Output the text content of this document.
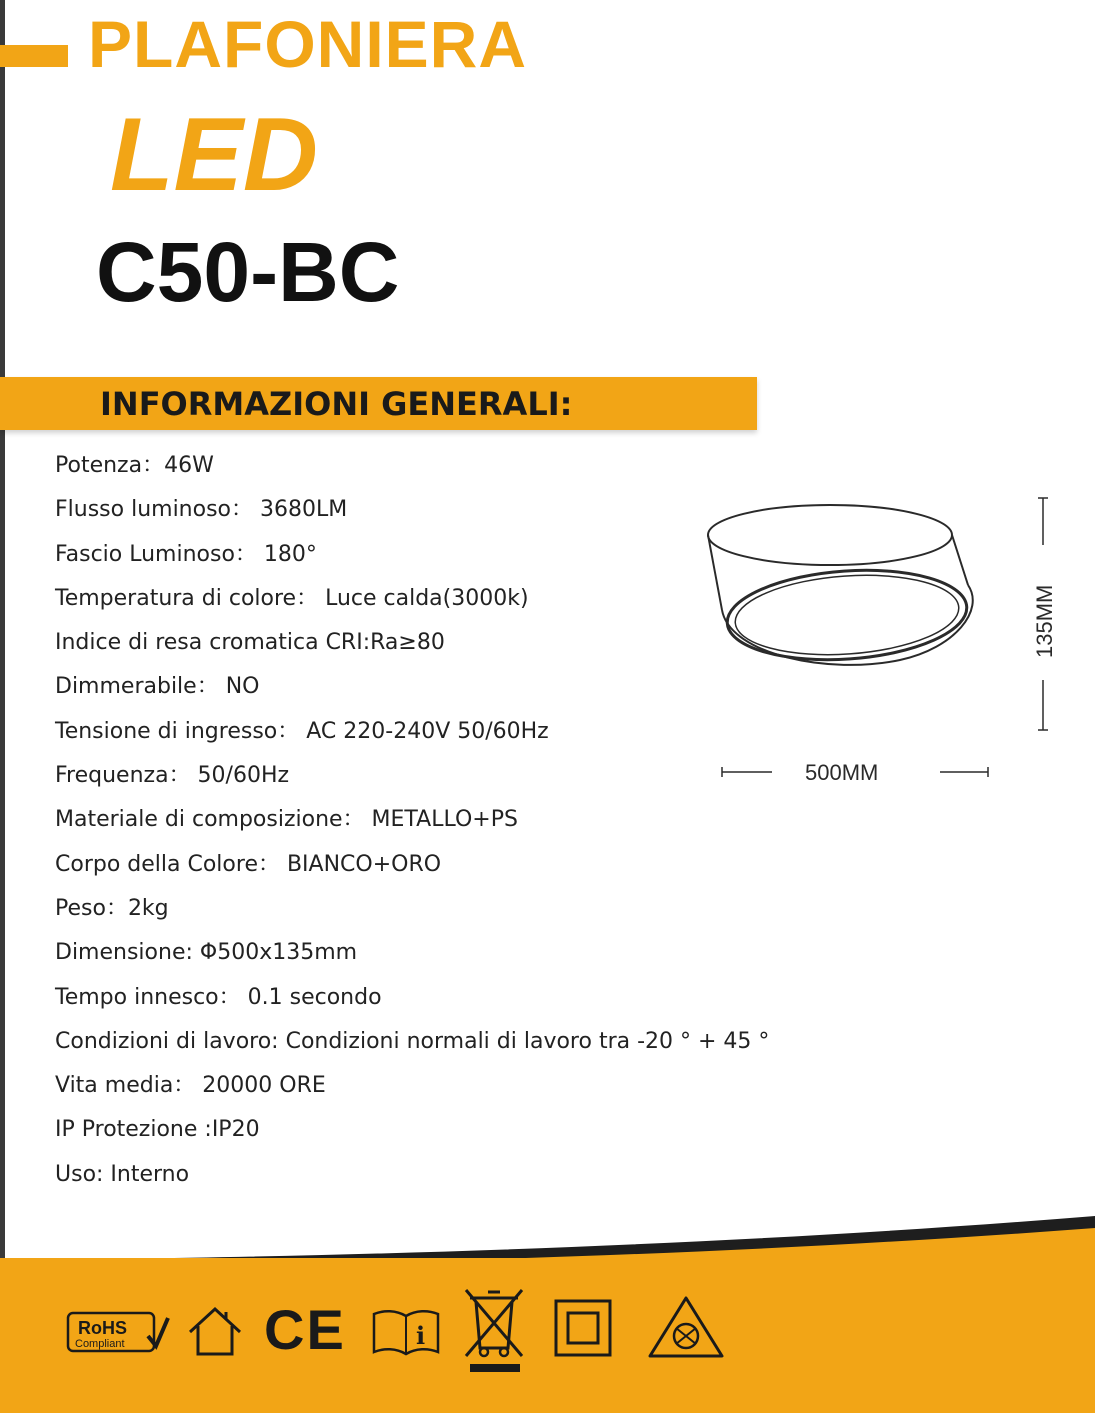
PLAFONIERA
LED
C50-BC
INFORMAZIONI GENERALI:
Potenza：46W
Flusso luminoso： 3680LM
Fascio Luminoso： 180°
Temperatura di colore： Luce calda(3000k)
Indice di resa cromatica CRI:Ra≥80
Dimmerabile： NO
Tensione di ingresso： AC 220-240V 50/60Hz
Frequenza： 50/60Hz
Materiale di composizione： METALLO+PS
Corpo della Colore： BIANCO+ORO
Peso：2kg
Dimensione: Φ500x135mm
Tempo innesco： 0.1 secondo
Condizioni di lavoro: Condizioni normali di lavoro tra -20 ° + 45 °
Vita media： 20000 ORE
IP Protezione :IP20
Uso: Interno
135MM
500MM
RoHS
Compliant CE	i
